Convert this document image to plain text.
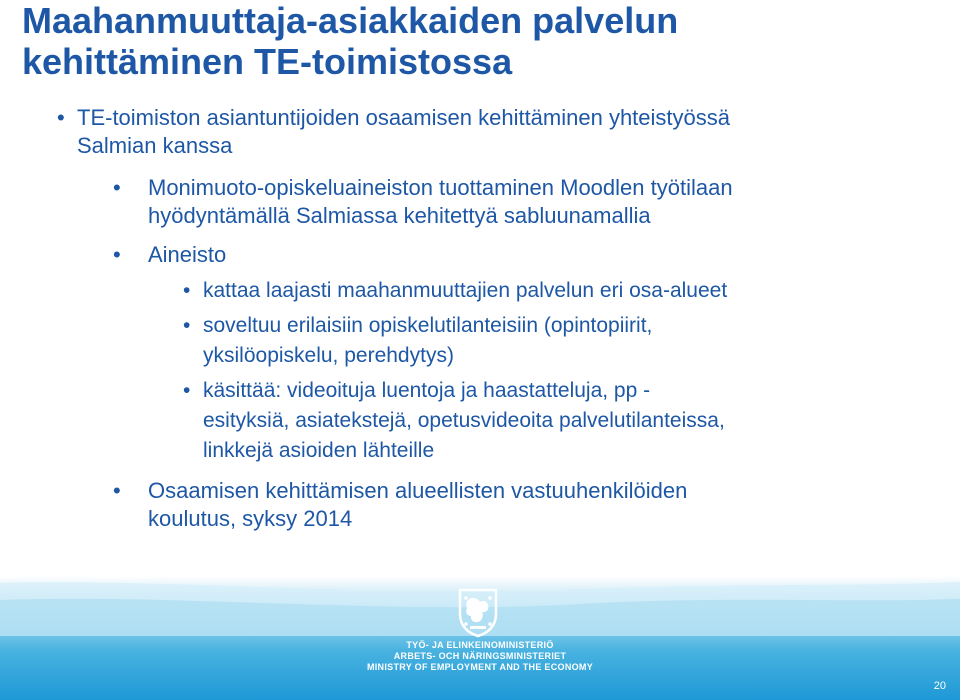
Maahanmuuttaja-asiakkaiden palvelun
kehittäminen TE-toimistossa
• TE-toimiston asiantuntijoiden osaamisen kehittäminen yhteistyössä
Salmian kanssa
• Monimuoto-opiskeluaineiston tuottaminen Moodlen työtilaan
hyödyntämällä Salmiassa kehitettyä sabluunamallia
• Aineisto
• kattaa laajasti maahanmuuttajien palvelun eri osa-alueet
• soveltuu erilaisiin opiskelutilanteisiin (opintopiirit,
yksilöopiskelu, perehdytys)
• käsittää: videoituja luentoja ja haastatteluja, pp -
esityksiä, asiatekstejä, opetusvideoita palvelutilanteissa,
linkkejä asioiden lähteille
• Osaamisen kehittämisen alueellisten vastuuhenkilöiden
koulutus, syksy 2014
TYÖ- JA ELINKEINOMINISTERIÖ
ARBETS- OCH NÄRINGSMINISTERIET
MINISTRY OF EMPLOYMENT AND THE ECONOMY
20
